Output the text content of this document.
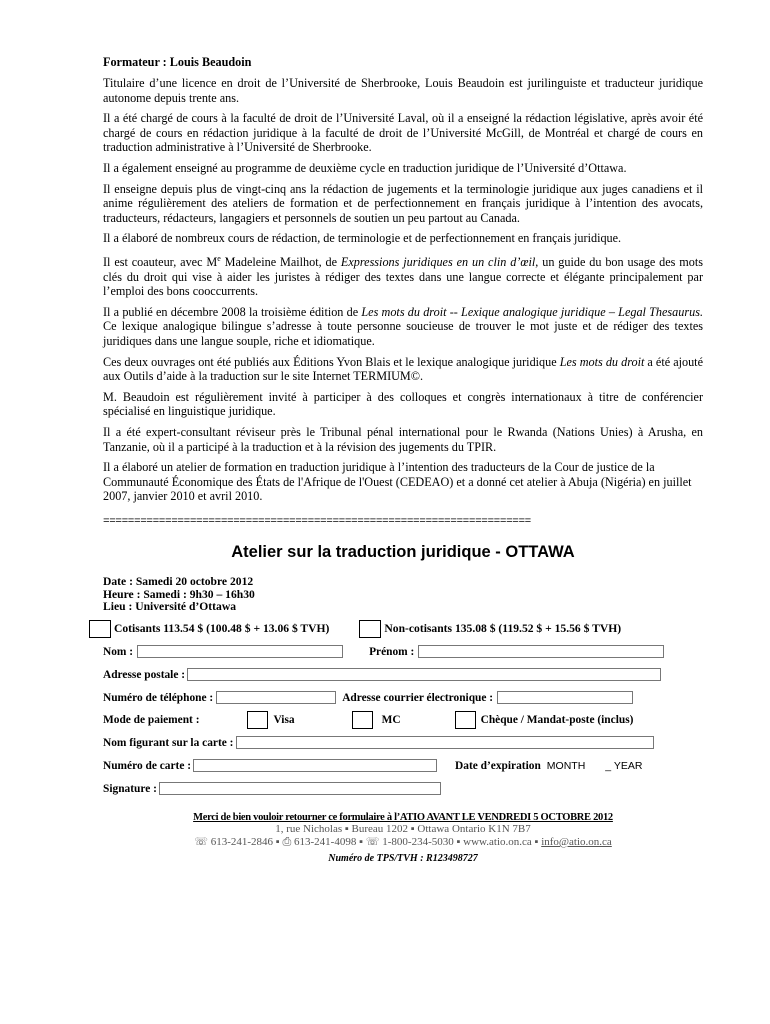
Formateur : Louis Beaudoin

Titulaire d’une licence en droit de l’Université de Sherbrooke, Louis Beaudoin est jurilinguiste et traducteur juridique autonome depuis trente ans.

Il a été chargé de cours à la faculté de droit de l’Université Laval, où il a enseigné la rédaction législative, après avoir été chargé de cours en rédaction juridique à la faculté de droit de l’Université McGill, de Montréal et chargé de cours en traduction administrative à l’Université de Sherbrooke.

Il a également enseigné au programme de deuxième cycle en traduction juridique de l’Université d’Ottawa.

Il enseigne depuis plus de vingt-cinq ans la rédaction de jugements et la terminologie juridique aux juges canadiens et il anime régulièrement des ateliers de formation et de perfectionnement en français juridique à l’intention des avocats, traducteurs, rédacteurs, langagiers et personnels de soutien un peu partout au Canada.

Il a élaboré de nombreux cours de rédaction, de terminologie et de perfectionnement en français juridique.

Il est coauteur, avec Me Madeleine Mailhot, de Expressions juridiques en un clin d’œil, un guide du bon usage des mots clés du droit qui vise à aider les juristes à rédiger des textes dans une langue correcte et élégante principalement par l’emploi des bons cooccurrents.

Il a publié en décembre 2008 la troisième édition de Les mots du droit -- Lexique analogique juridique – Legal Thesaurus. Ce lexique analogique bilingue s’adresse à toute personne soucieuse de trouver le mot juste et de rédiger des textes juridiques dans une langue souple, riche et idiomatique.

Ces deux ouvrages ont été publiés aux Éditions Yvon Blais et le lexique analogique juridique Les mots du droit a été ajouté aux Outils d’aide à la traduction sur le site Internet TERMIUM©.

M. Beaudoin est régulièrement invité à participer à des colloques et congrès internationaux à titre de conférencier spécialisé en linguistique juridique.

Il a été expert-consultant réviseur près le Tribunal pénal international pour le Rwanda (Nations Unies) à Arusha, en Tanzanie, où il a participé à la traduction et à la révision des jugements du TPIR.

Il a élaboré un atelier de formation en traduction juridique à l’intention des traducteurs de la Cour de justice de la Communauté Économique des États de l'Afrique de l'Ouest (CEDEAO) et a donné cet atelier à Abuja (Nigéria) en juillet 2007, janvier 2010 et avril 2010.

=====================================================================
Atelier sur la traduction juridique - OTTAWA
Date : Samedi 20 octobre 2012
Heure : Samedi : 9h30 – 16h30
Lieu : Université d’Ottawa
Cotisants 113.54 $ (100.48 $ + 13.06 $ TVH)	Non-cotisants 135.08 $ (119.52 $ + 15.56 $ TVH)
Nom :	Prénom :
Adresse postale :
Numéro de téléphone :	Adresse courrier électronique :
Mode de paiement :	Visa	MC	Chèque / Mandat-poste (inclus)
Nom figurant sur la carte :
Numéro de carte :	Date d’expiration MONTH _ YEAR
Signature :
Merci de bien vouloir retourner ce formulaire à l’ATIO AVANT LE VENDREDI 5 OCTOBRE 2012
1, rue Nicholas ▪ Bureau 1202 ▪ Ottawa Ontario K1N 7B7
☏ 613-241-2846 ▪ ⎙ 613-241-4098 ▪ ☏ 1-800-234-5030 ▪ www.atio.on.ca ▪ info@atio.on.ca
Numéro de TPS/TVH : R123498727
